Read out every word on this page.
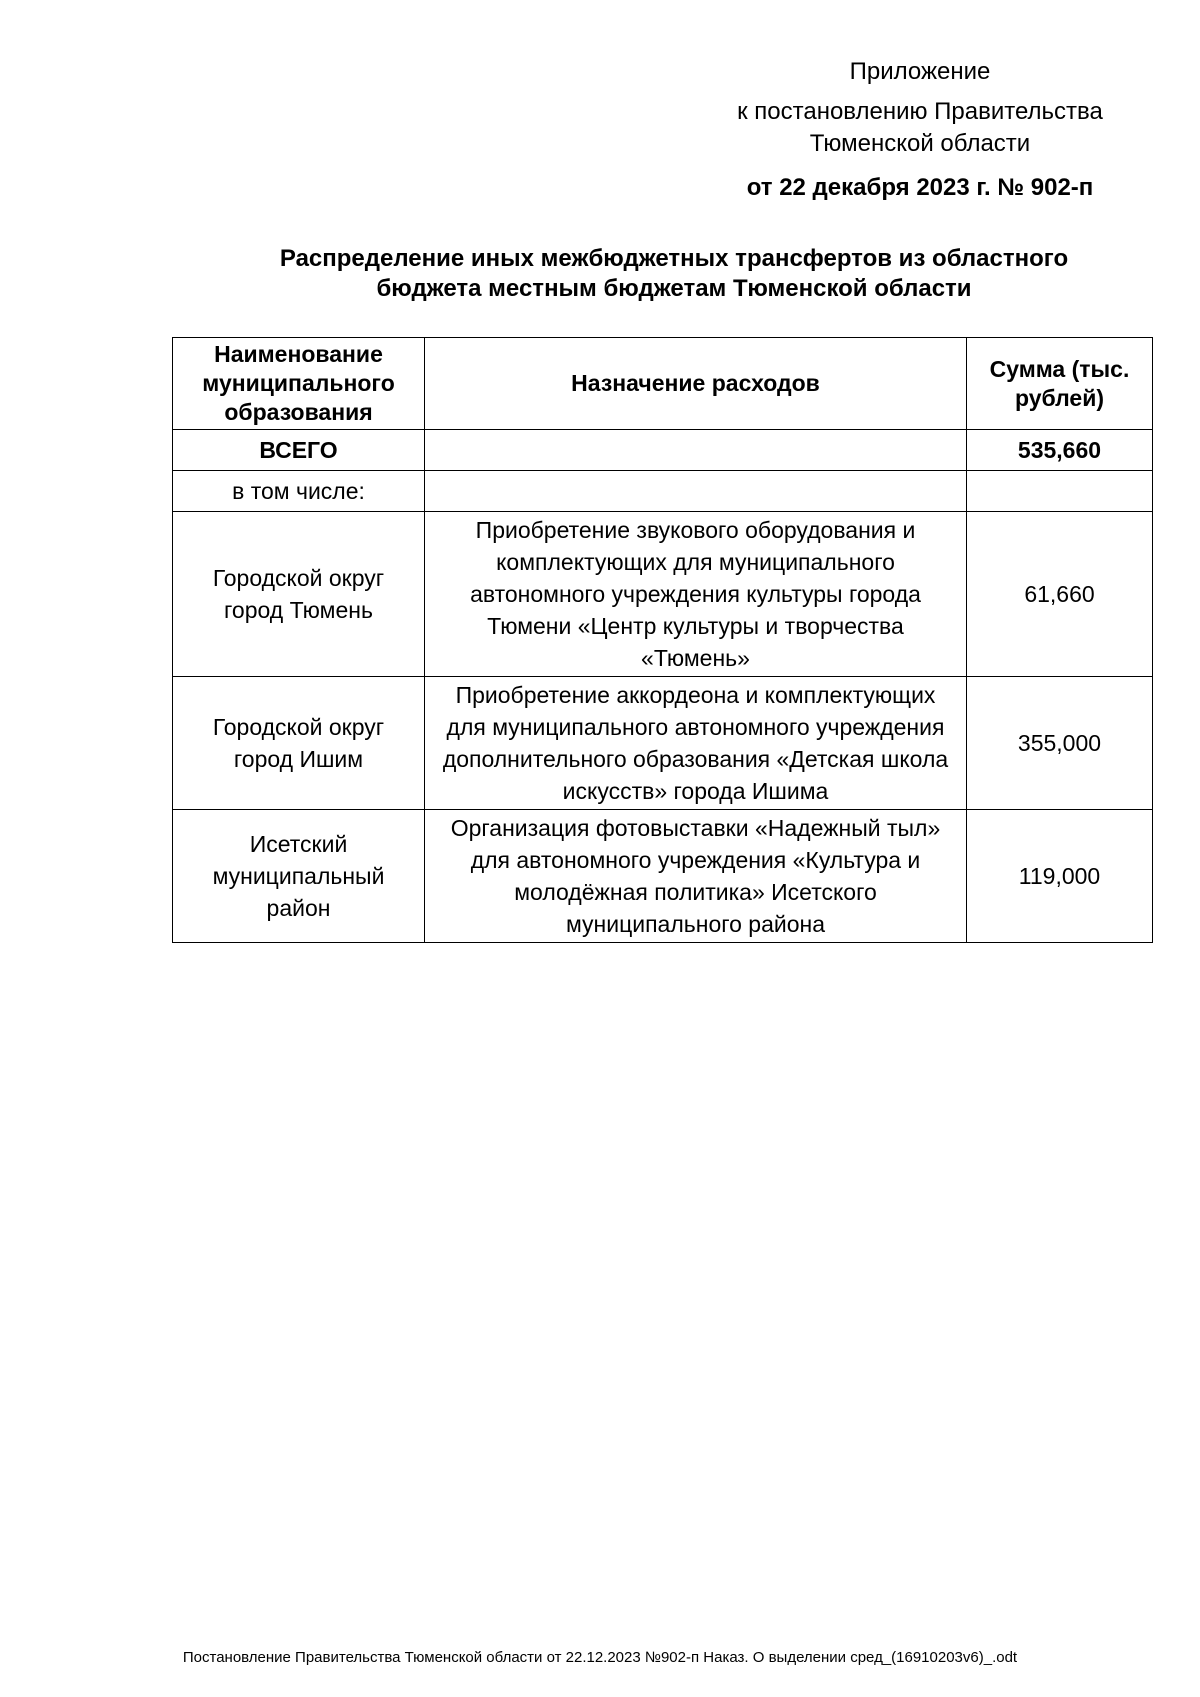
Приложение
к постановлению Правительства
Тюменской области
от 22 декабря 2023 г. № 902-п
Распределение иных межбюджетных трансфертов из областного
бюджета местным бюджетам Тюменской области
Наименование муниципального образования	Назначение расходов	Сумма (тыс. рублей)
ВСЕГО		535,660
в том числе:		
Городской округ город Тюмень	Приобретение звукового оборудования и комплектующих для муниципального автономного учреждения культуры города Тюмени «Центр культуры и творчества «Тюмень»	61,660
Городской округ город Ишим	Приобретение аккордеона и комплектующих для муниципального автономного учреждения дополнительного образования «Детская школа искусств» города Ишима	355,000
Исетский муниципальный район	Организация фотовыставки «Надежный тыл» для автономного учреждения «Культура и молодёжная политика» Исетского муниципального района	119,000
Постановление Правительства Тюменской области от 22.12.2023 №902-п Наказ. О выделении сред_(16910203v6)_.odt
